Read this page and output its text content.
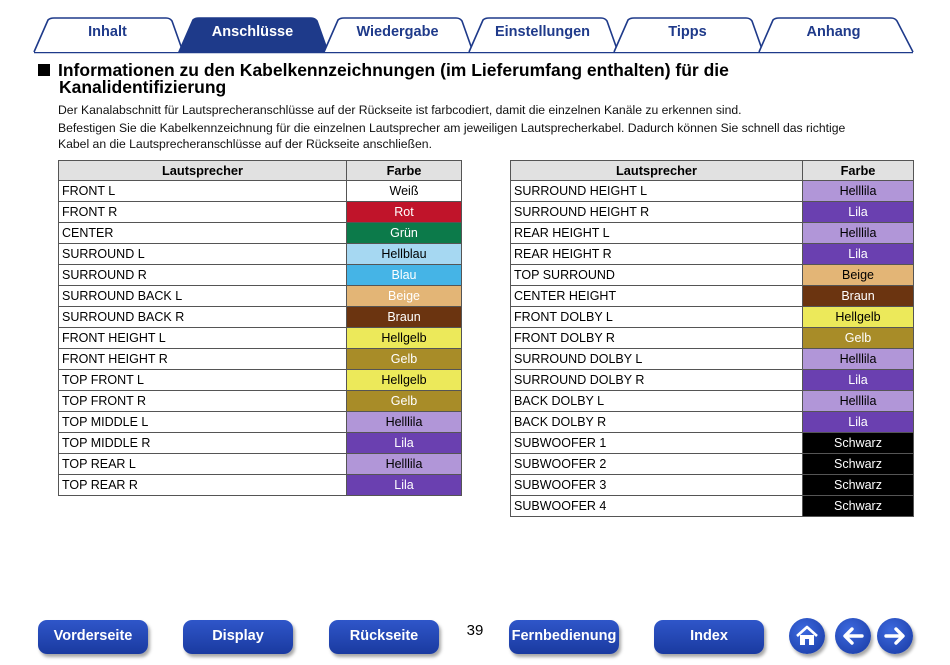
Inhalt	Anschlüsse	Wiedergabe	Einstellungen	Tipps	Anhang
Informationen zu den Kabelkennzeichnungen (im Lieferumfang enthalten) für die
Kanalidentifizierung
Der Kanalabschnitt für Lautsprecheranschlüsse auf der Rückseite ist farbcodiert, damit die einzelnen Kanäle zu erkennen sind.
Befestigen Sie die Kabelkennzeichnung für die einzelnen Lautsprecher am jeweiligen Lautsprecherkabel. Dadurch können Sie schnell das richtige
Kabel an die Lautsprecheranschlüsse auf der Rückseite anschließen.
Lautsprecher	Farbe
FRONT L	Weiß
FRONT R	Rot
CENTER	Grün
SURROUND L	Hellblau
SURROUND R	Blau
SURROUND BACK L	Beige
SURROUND BACK R	Braun
FRONT HEIGHT L	Hellgelb
FRONT HEIGHT R	Gelb
TOP FRONT L	Hellgelb
TOP FRONT R	Gelb
TOP MIDDLE L	Helllila
TOP MIDDLE R	Lila
TOP REAR L	Helllila
TOP REAR R	Lila
Lautsprecher	Farbe
SURROUND HEIGHT L	Helllila
SURROUND HEIGHT R	Lila
REAR HEIGHT L	Helllila
REAR HEIGHT R	Lila
TOP SURROUND	Beige
CENTER HEIGHT	Braun
FRONT DOLBY L	Hellgelb
FRONT DOLBY R	Gelb
SURROUND DOLBY L	Helllila
SURROUND DOLBY R	Lila
BACK DOLBY L	Helllila
BACK DOLBY R	Lila
SUBWOOFER 1	Schwarz
SUBWOOFER 2	Schwarz
SUBWOOFER 3	Schwarz
SUBWOOFER 4	Schwarz
Vorderseite	Display	Rückseite	39	Fernbedienung	Index
